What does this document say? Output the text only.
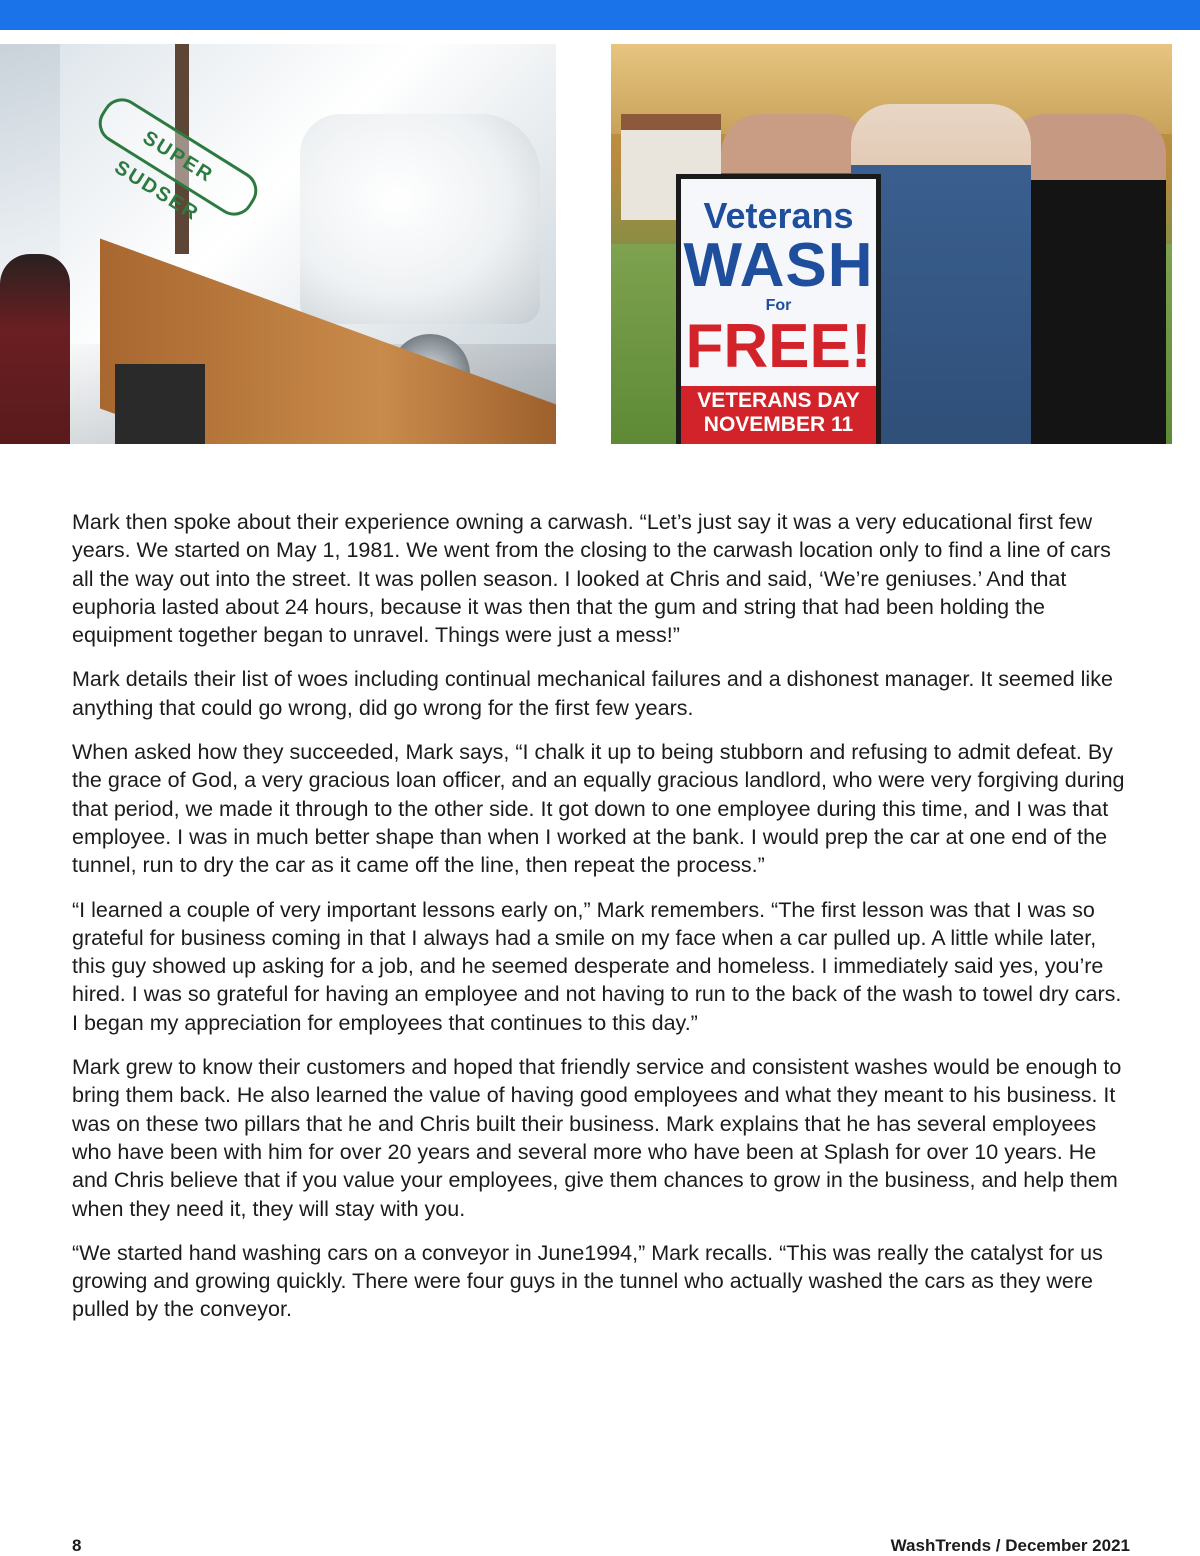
SUPER SUDSER	Veterans
WASH
For
FREE!
VETERANS DAY NOVEMBER 11

Mark then spoke about their experience owning a carwash. “Let’s just say it was a very educational first few years. We started on May 1, 1981. We went from the closing to the carwash location only to find a line of cars all the way out into the street. It was pollen season. I looked at Chris and said, ‘We’re geniuses.’ And that euphoria lasted about 24 hours, because it was then that the gum and string that had been holding the equipment together began to unravel. Things were just a mess!”

Mark details their list of woes including continual mechanical failures and a dishonest manager. It seemed like anything that could go wrong, did go wrong for the first few years.

When asked how they succeeded, Mark says, “I chalk it up to being stubborn and refusing to admit defeat. By the grace of God, a very gracious loan officer, and an equally gracious landlord, who were very forgiving during that period, we made it through to the other side. It got down to one employee during this time, and I was that employee. I was in much better shape than when I worked at the bank. I would prep the car at one end of the tunnel, run to dry the car as it came off the line, then repeat the process.”

“I learned a couple of very important lessons early on,” Mark remembers. “The first lesson was that I was so grateful for business coming in that I always had a smile on my face when a car pulled up. A little while later, this guy showed up asking for a job, and he seemed desperate and homeless. I immediately said yes, you’re hired. I was so grateful for having an employee and not having to run to the back of the wash to towel dry cars. I began my appreciation for employees that continues to this day.”

Mark grew to know their customers and hoped that friendly service and consistent washes would be enough to bring them back. He also learned the value of having good employees and what they meant to his business. It was on these two pillars that he and Chris built their business. Mark explains that he has several employees who have been with him for over 20 years and several more who have been at Splash for over 10 years. He and Chris believe that if you value your employees, give them chances to grow in the business, and help them when they need it, they will stay with you.

“We started hand washing cars on a conveyor in June1994,” Mark recalls. “This was really the catalyst for us growing and growing quickly. There were four guys in the tunnel who actually washed the cars as they were pulled by the conveyor.

8	WashTrends / December 2021
